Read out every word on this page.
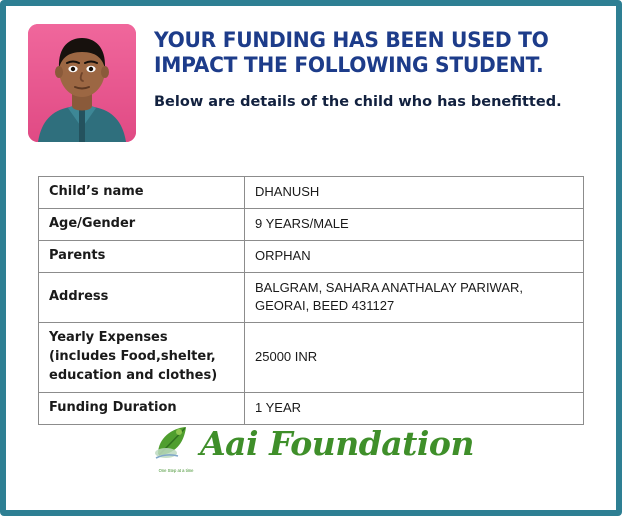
YOUR FUNDING HAS BEEN USED TO IMPACT THE FOLLOWING STUDENT.

Below are details of the child who has benefitted.

Child’s name	DHANUSH

Age/Gender	9 YEARS/MALE

Parents	ORPHAN

Address	BALGRAM, SAHARA ANATHALAY PARIWAR,
GEORAI, BEED 431127

Yearly Expenses (includes Food,shelter, education and clothes)	25000 INR

Funding Duration	1 YEAR
One Step at a time
Aai Foundation
